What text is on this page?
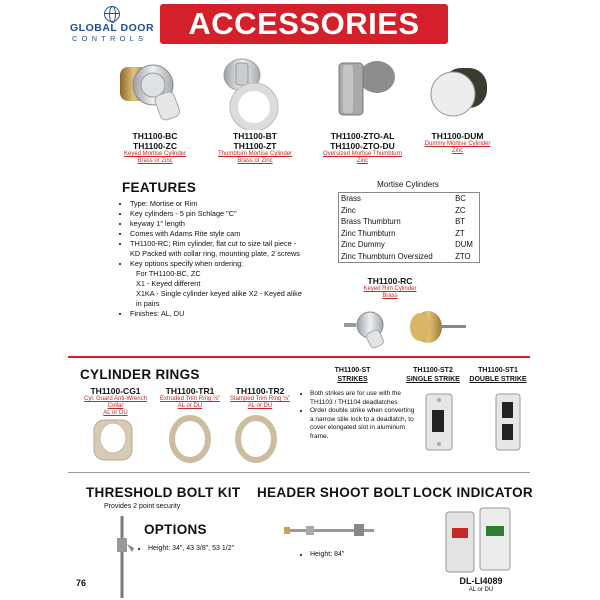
GLOBAL DOOR
CONTROLS	ACCESSORIES
TH1100-BC
TH1100-ZC
Keyed Mortise Cylinder
Brass or Zinc
TH1100-BT
TH1100-ZT
Thumbturn Mortise Cylinder
Brass or Zinc
TH1100-ZTO-AL
TH1100-ZTO-DU
Oversized Mortise Thumbturn
Zinc
TH1100-DUM
Dummy Mortise Cylinder
Zinc
FEATURES
• Type: Mortise or Rim
• Key cylinders - 5 pin Schlage "C"
• keyway 1" length
• Comes with Adams Rite style cam
• TH1100-RC; Rim cylinder, flat cut to size tail piece - KD Packed with collar ring, mounting plate, 2 screws
• Key options specify when ordering:
For TH1100-BC, ZC
X1 - Keyed different
X1KA - Single cylinder keyed alike X2 - Keyed alike in pairs
• Finishes: AL, DU
Mortise Cylinders
Brass	BC
Zinc	ZC
Brass Thumbturn	BT
Zinc Thumbturn	ZT
Zinc Dummy	DUM
Zinc Thumbturn Oversized	ZTO
TH1100-RC
Keyed Rim Cylinder
Brass
CYLINDER RINGS
TH1100-CG1
Cyl. Guard Anti-Wrench Collar
AL or DU
TH1100-TR1
Extruded Trim Ring ⅛"
AL or DU
TH1100-TR2
Stamped Trim Ring ⅛"
AL or DU
TH1100-ST
STRIKES
• Both strikes are for use with the TH1103 / TH1104 deadlatches
• Order double strike when converting a narrow stile lock to a deadlatch, to cover elongated slot in aluminum frame.
TH1100-ST2
SINGLE STRIKE
TH1100-ST1
DOUBLE STRIKE
THRESHOLD BOLT KIT
Provides 2 point security
OPTIONS
• Height: 34", 43 3/8", 53 1/2"
HEADER SHOOT BOLT
• Height: 84"
LOCK INDICATOR
DL-LI4089
AL or DU
76
